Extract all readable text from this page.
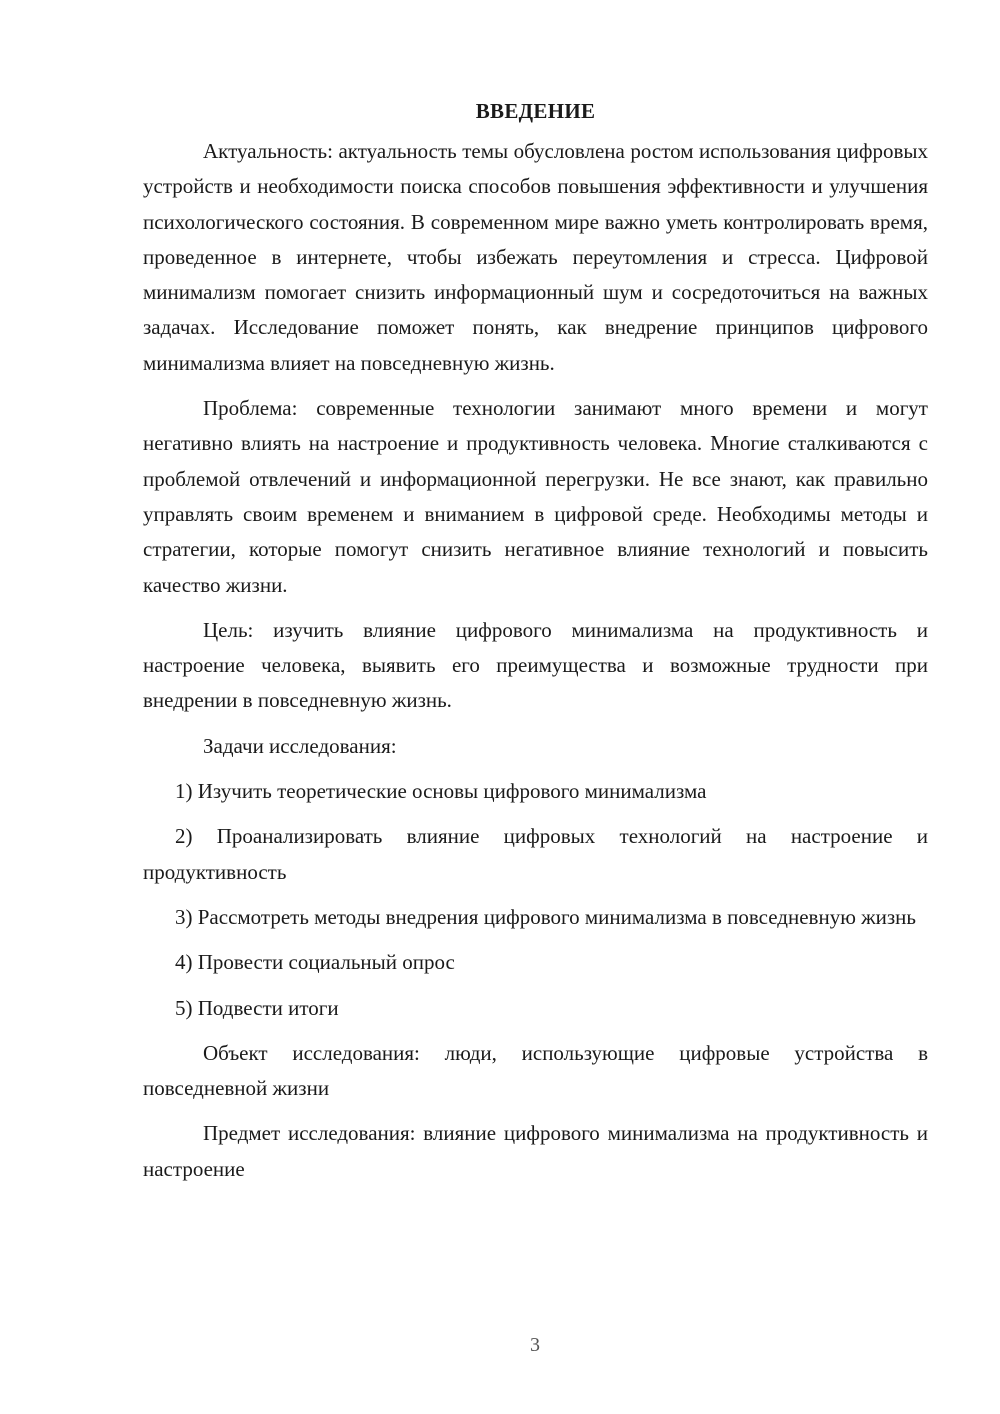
ВВЕДЕНИЕ

Актуальность: актуальность темы обусловлена ростом использования цифровых устройств и необходимости поиска способов повышения эффективности и улучшения психологического состояния. В современном мире важно уметь контролировать время, проведенное в интернете, чтобы избежать переутомления и стресса. Цифровой минимализм помогает снизить информационный шум и сосредоточиться на важных задачах. Исследование поможет понять, как внедрение принципов цифрового минимализма влияет на повседневную жизнь.

Проблема: современные технологии занимают много времени и могут негативно влиять на настроение и продуктивность человека. Многие сталкиваются с проблемой отвлечений и информационной перегрузки. Не все знают, как правильно управлять своим временем и вниманием в цифровой среде. Необходимы методы и стратегии, которые помогут снизить негативное влияние технологий и повысить качество жизни.

Цель: изучить влияние цифрового минимализма на продуктивность и настроение человека, выявить его преимущества и возможные трудности при внедрении в повседневную жизнь.

Задачи исследования:

1) Изучить теоретические основы цифрового минимализма

2) Проанализировать влияние цифровых технологий на настроение и продуктивность

3) Рассмотреть методы внедрения цифрового минимализма в повседневную жизнь

4) Провести социальный опрос

5) Подвести итоги

Объект исследования: люди, использующие цифровые устройства в повседневной жизни

Предмет исследования: влияние цифрового минимализма на продуктивность и настроение

3
